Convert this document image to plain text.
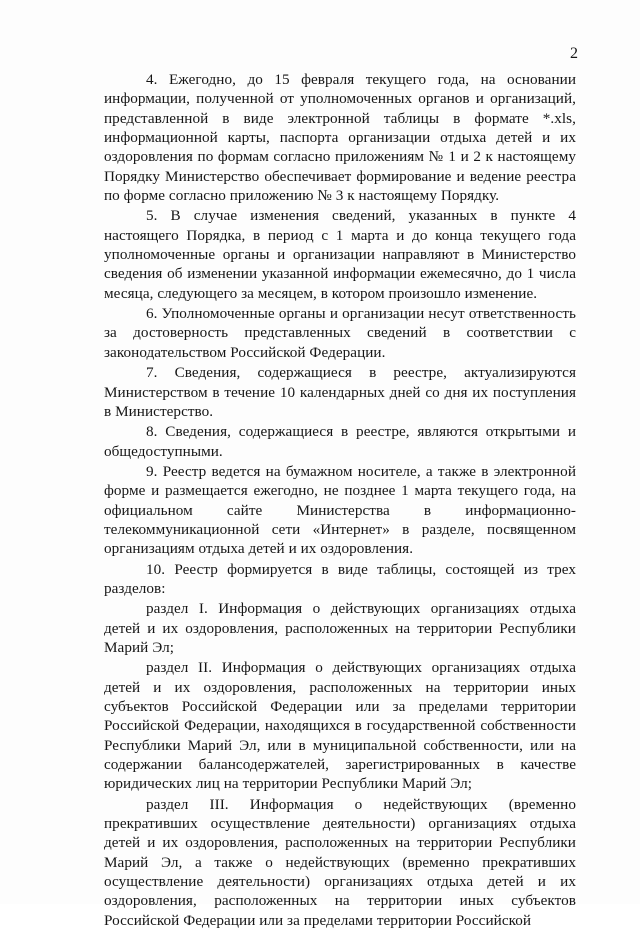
2

4. Ежегодно, до 15 февраля текущего года, на основании информации, полученной от уполномоченных органов и организаций, представленной в виде электронной таблицы в формате *.xls, информационной карты, паспорта организации отдыха детей и их оздоровления по формам согласно приложениям № 1 и 2 к настоящему Порядку Министерство обеспечивает формирование и ведение реестра по форме согласно приложению № 3 к настоящему Порядку.

5. В случае изменения сведений, указанных в пункте 4 настоящего Порядка, в период с 1 марта и до конца текущего года уполномоченные органы и организации направляют в Министерство сведения об изменении указанной информации ежемесячно, до 1 числа месяца, следующего за месяцем, в котором произошло изменение.

6. Уполномоченные органы и организации несут ответственность за достоверность представленных сведений в соответствии с законодательством Российской Федерации.

7. Сведения, содержащиеся в реестре, актуализируются Министерством в течение 10 календарных дней со дня их поступления в Министерство.

8. Сведения, содержащиеся в реестре, являются открытыми и общедоступными.

9. Реестр ведется на бумажном носителе, а также в электронной форме и размещается ежегодно, не позднее 1 марта текущего года, на официальном сайте Министерства в информационно-телекоммуникационной сети «Интернет» в разделе, посвященном организациям отдыха детей и их оздоровления.

10. Реестр формируется в виде таблицы, состоящей из трех разделов:

раздел I. Информация о действующих организациях отдыха детей и их оздоровления, расположенных на территории Республики Марий Эл;

раздел II. Информация о действующих организациях отдыха детей и их оздоровления, расположенных на территории иных субъектов Российской Федерации или за пределами территории Российской Федерации, находящихся в государственной собственности Республики Марий Эл, или в муниципальной собственности, или на содержании балансодержателей, зарегистрированных в качестве юридических лиц на территории Республики Марий Эл;

раздел III. Информация о недействующих (временно прекративших осуществление деятельности) организациях отдыха детей и их оздоровления, расположенных на территории Республики Марий Эл, а также о недействующих (временно прекративших осуществление деятельности) организациях отдыха детей и их оздоровления, расположенных на территории иных субъектов Российской Федерации или за пределами территории Российской
